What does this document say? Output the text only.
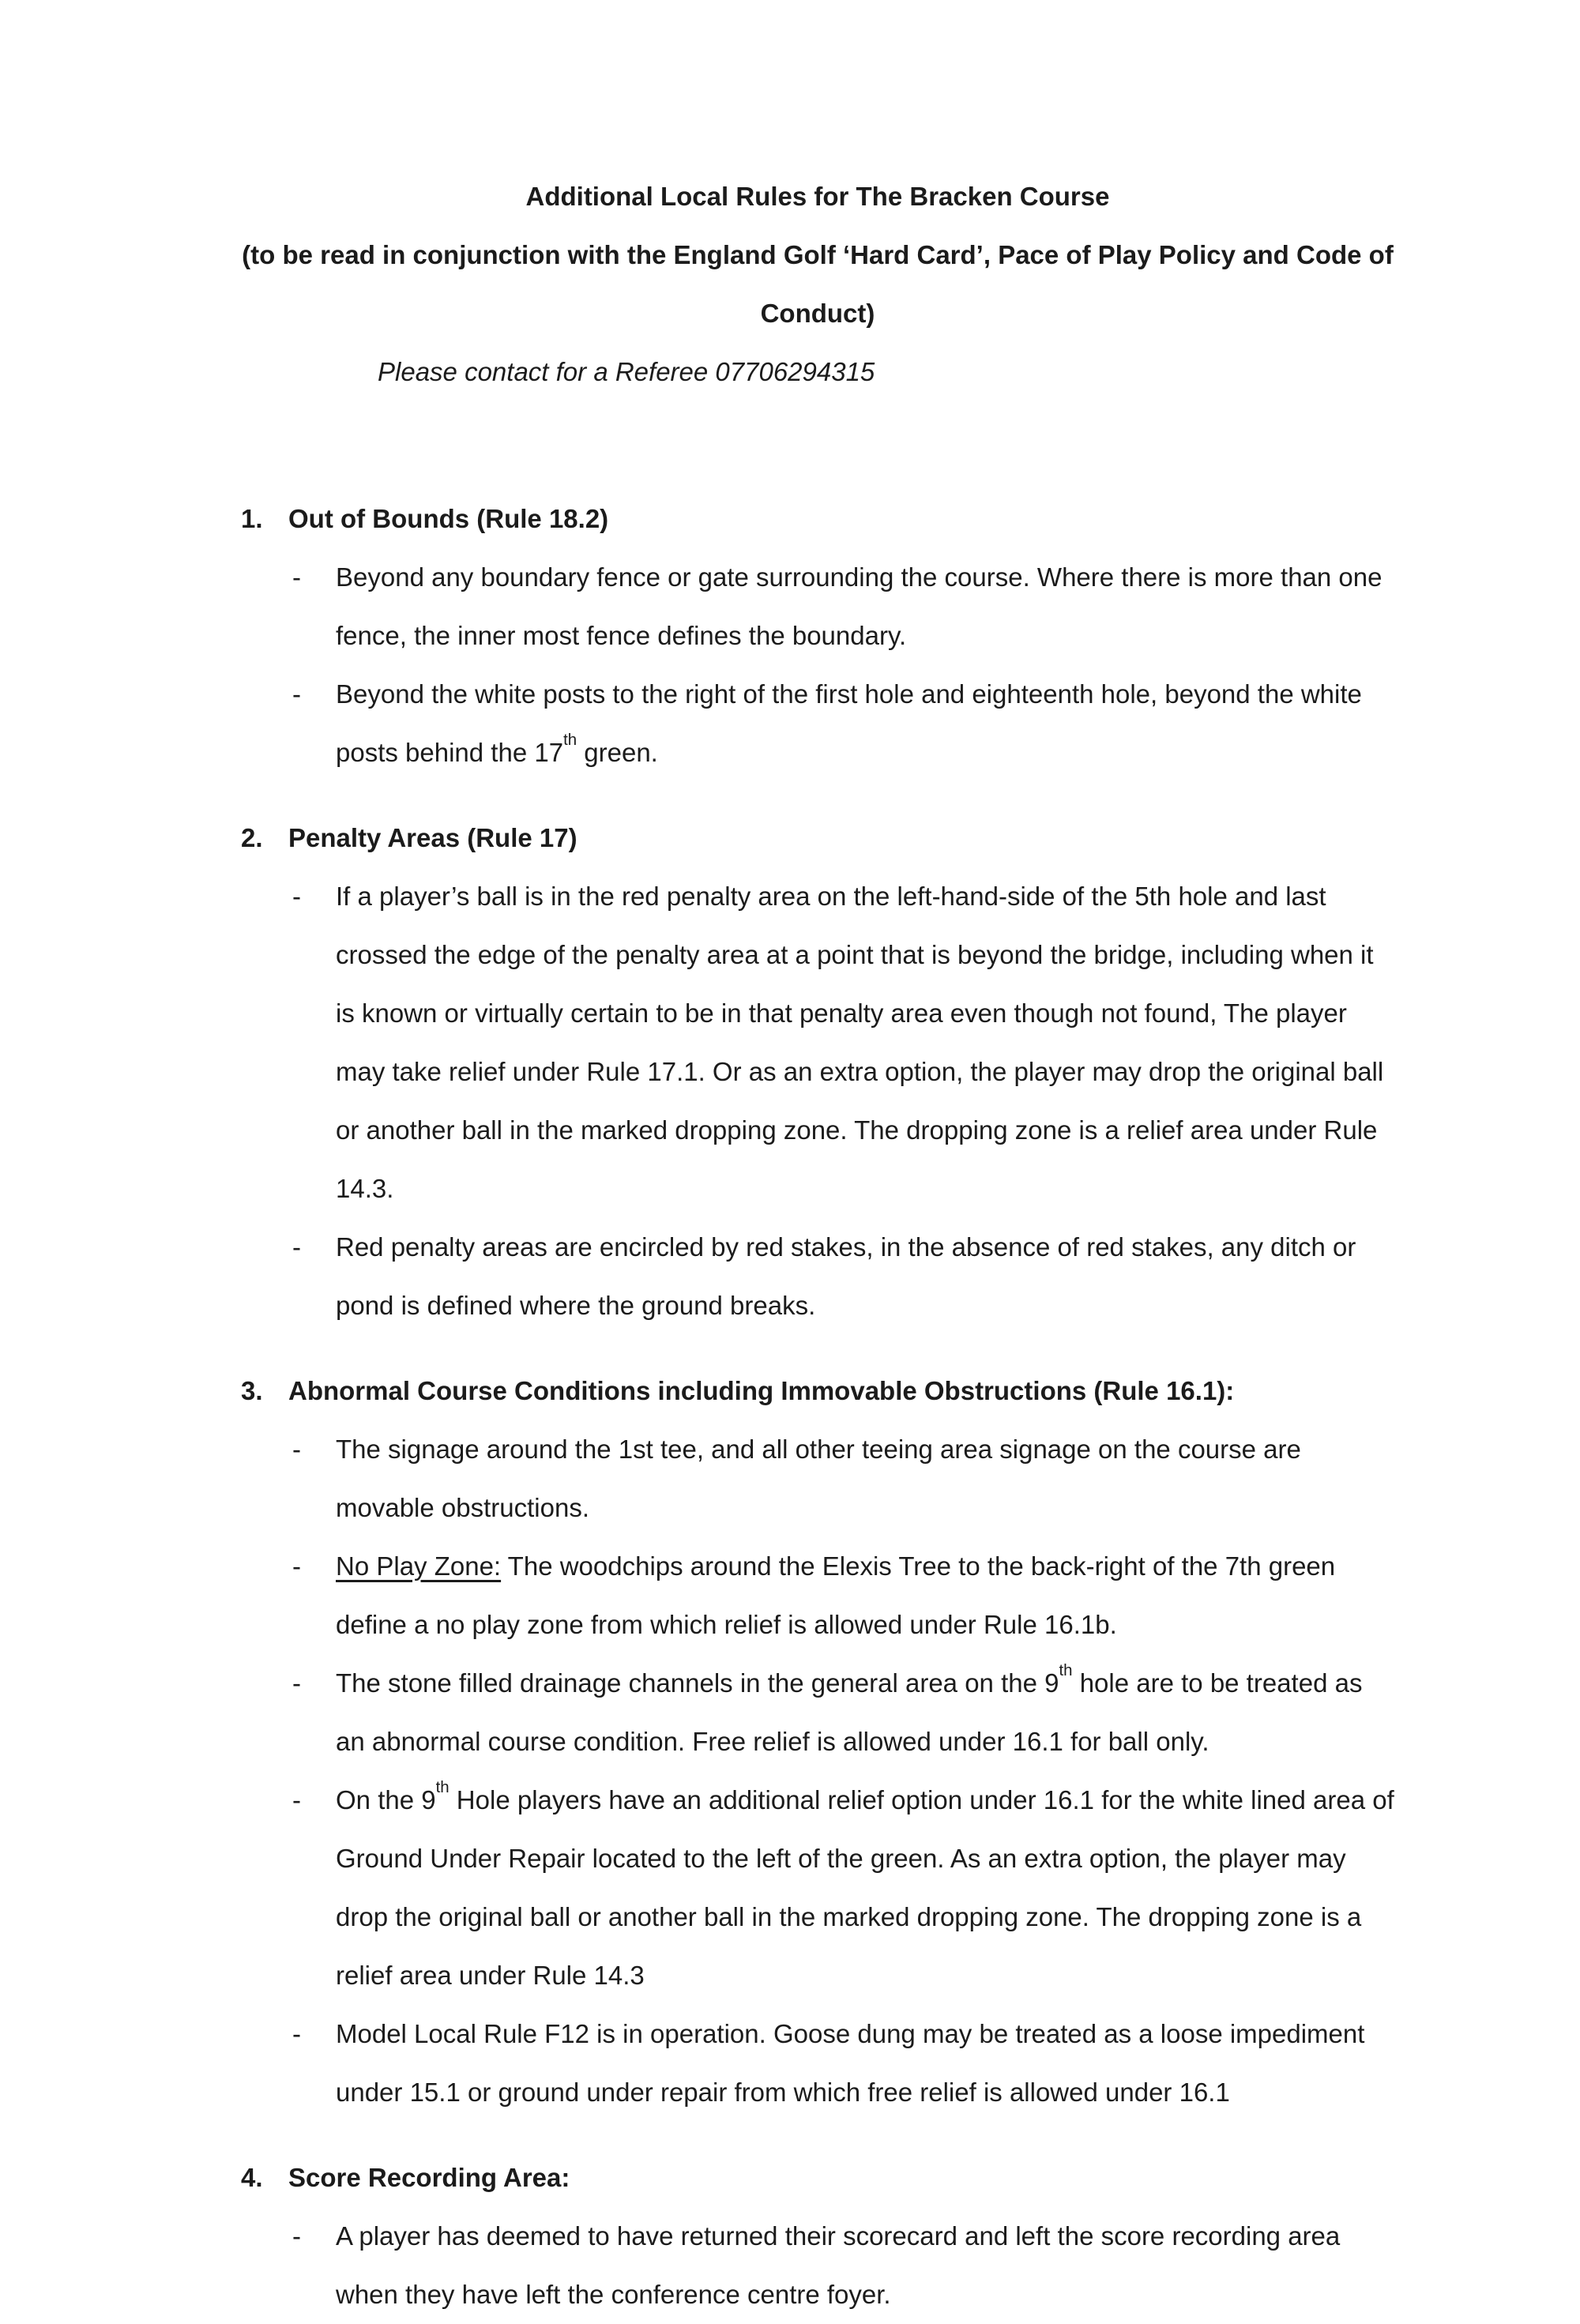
Additional Local Rules for The Bracken Course
(to be read in conjunction with the England Golf ‘Hard Card’, Pace of Play Policy and Code of Conduct)
Please contact for a Referee 07706294315
1. Out of Bounds (Rule 18.2)
-	Beyond any boundary fence or gate surrounding the course. Where there is more than one fence, the inner most fence defines the boundary.
-	Beyond the white posts to the right of the first hole and eighteenth hole, beyond the white posts behind the 17th green.
2. Penalty Areas (Rule 17)
-	If a player’s ball is in the red penalty area on the left-hand-side of the 5th hole and last crossed the edge of the penalty area at a point that is beyond the bridge, including when it is known or virtually certain to be in that penalty area even though not found, The player may take relief under Rule 17.1. Or as an extra option, the player may drop the original ball or another ball in the marked dropping zone. The dropping zone is a relief area under Rule 14.3.
-	Red penalty areas are encircled by red stakes, in the absence of red stakes, any ditch or pond is defined where the ground breaks.
3. Abnormal Course Conditions including Immovable Obstructions (Rule 16.1):
-	The signage around the 1st tee, and all other teeing area signage on the course are movable obstructions.
-	No Play Zone: The woodchips around the Elexis Tree to the back-right of the 7th green define a no play zone from which relief is allowed under Rule 16.1b.
-	The stone filled drainage channels in the general area on the 9th hole are to be treated as an abnormal course condition. Free relief is allowed under 16.1 for ball only.
-	On the 9th Hole players have an additional relief option under 16.1 for the white lined area of Ground Under Repair located to the left of the green. As an extra option, the player may drop the original ball or another ball in the marked dropping zone. The dropping zone is a relief area under Rule 14.3
-	Model Local Rule F12 is in operation. Goose dung may be treated as a loose impediment under 15.1 or ground under repair from which free relief is allowed under 16.1
4. Score Recording Area:
-	A player has deemed to have returned their scorecard and left the score recording area when they have left the conference centre foyer.
